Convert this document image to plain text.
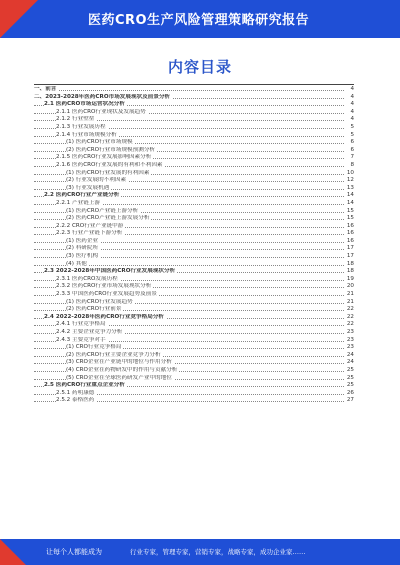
医药CRO生产风险管理策略研究报告
内容目录
一、前言	4
二、2023-2028年医药CRO市场发展现状及前景分析	4
2.1 医药CRO市场运营状况分析	4
2.1.1 医药CRO行业现状及发展趋势	4
2.1.2 行业壁垒	4
2.1.3 行业发展历程	5
2.1.4 行业市场规模分析	5
(1) 医药CRO行业市场规模	6
(2) 医药CRO行业市场规模预测分析	6
2.1.5 医药CRO行业发展影响因素分析	7
2.1.6 医药CRO行业发展的有利和不利因素	8
(1) 医药CRO行业发展的有利因素	10
(2) 行业发展的不利因素	12
(3) 行业发展机遇	13
2.2 医药CRO行业产业链分析	14
2.2.1 产业链上游	14
(1) 医药CRO产业链上游分析	15
(2) 医药CRO产业链上游发展分析	15
2.2.2 CRO行业产业链中游	16
2.2.3 行业产业链下游分析	16
(1) 医药企业	16
(2) 科研院所	17
(3) 医疗机构	17
(4) 其他	18
2.3 2022-2028年中国医药CRO行业发展现状分析	18
2.3.1 医药CRO发展历程	19
2.3.2 医药CRO行业市场发展现状分析	20
2.3.3 中国医药CRO行业发展趋势及前景	21
(1) 医药CRO行业发展趋势	21
(2) 医药CRO行业前景	22
2.4 2022-2028年医药CRO行业竞争格局分析	22
2.4.1 行业竞争格局	22
2.4.2 主要企业竞争力分析	23
2.4.3 主要竞争对手	23
(1) CRO行业竞争格局	23
(2) 医药CRO行业主要企业竞争力分析	24
(3) CRO企业在产业链中的地位与作用分析	24
(4) CRO企业在药物研发中的作用与贡献分析	25
(5) CRO企业在全球医药研发产业中的地位	25
2.5 医药CRO行业重点企业分析	25
2.5.1 药明康德	26
2.5.2 泰格医药	27
让每个人都能成为	行业专家，管理专家，营销专家，战略专家，成功企业家……
